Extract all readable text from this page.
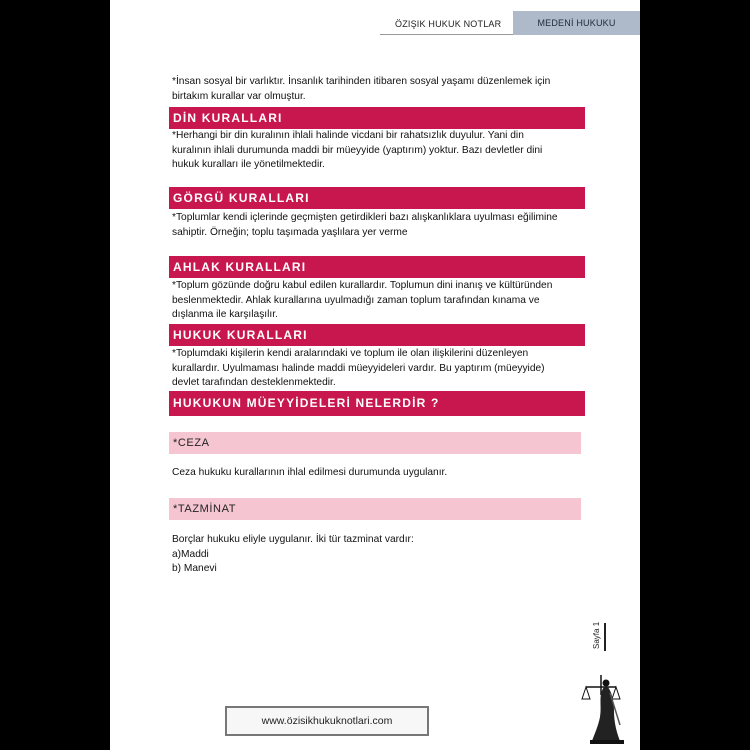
ÖZIŞIK HUKUK NOTLAR	MEDENİ HUKUKU
*İnsan sosyal bir varlıktır. İnsanlık tarihinden itibaren sosyal yaşamı düzenlemek için
birtakım kurallar var olmuştur.
DİN KURALLARI
*Herhangi bir din kuralının ihlali halinde vicdani bir rahatsızlık duyulur. Yani din
kuralının ihlali durumunda maddi bir müeyyide (yaptırım) yoktur. Bazı devletler dini
hukuk kuralları ile yönetilmektedir.
GÖRGÜ KURALLARI
*Toplumlar kendi içlerinde geçmişten getirdikleri bazı alışkanlıklara uyulması eğilimine
sahiptir. Örneğin; toplu taşımada yaşlılara yer verme
AHLAK KURALLARI
*Toplum gözünde doğru kabul edilen kurallardır. Toplumun dini inanış ve kültüründen
beslenmektedir. Ahlak kurallarına uyulmadığı zaman toplum tarafından kınama ve
dışlanma ile karşılaşılır.
HUKUK KURALLARI
*Toplumdaki kişilerin kendi aralarındaki ve toplum ile olan ilişkilerini düzenleyen
kurallardır. Uyulmaması halinde maddi müeyyideleri vardır. Bu yaptırım (müeyyide)
devlet tarafından desteklenmektedir.
HUKUKUN MÜEYYİDELERİ NELERDİR ?
*CEZA
Ceza hukuku kurallarının ihlal edilmesi durumunda uygulanır.
*TAZMİNAT
Borçlar hukuku eliyle uygulanır. İki tür tazminat vardır:
a)Maddi
b) Manevi
Sayfa 1
www.özisikhukuknotlari.com
